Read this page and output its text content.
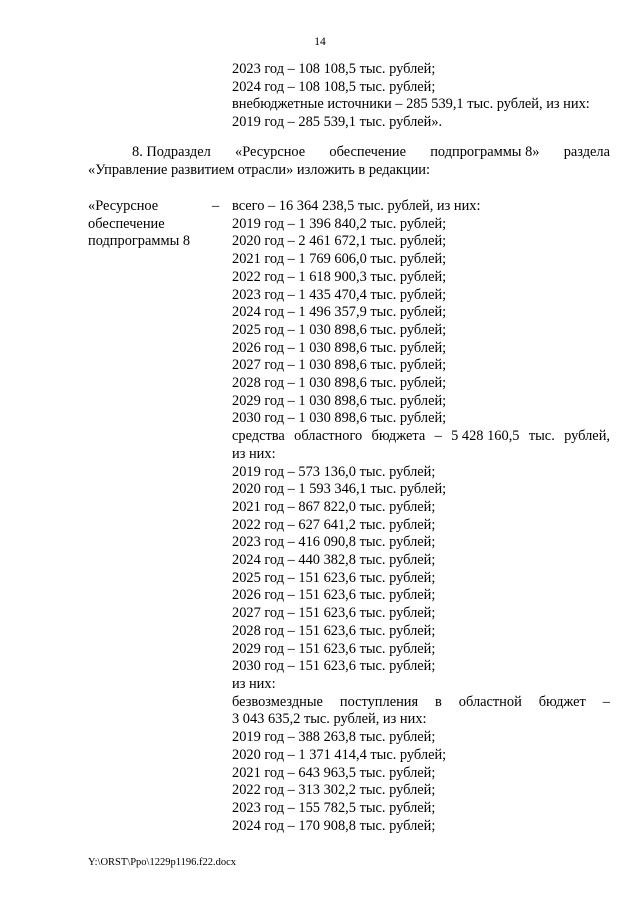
14
2023 год – 108 108,5 тыс. рублей;
2024 год – 108 108,5 тыс. рублей;
внебюджетные источники – 285 539,1 тыс. рублей, из них:
2019 год – 285 539,1 тыс. рублей».
8. Подраздел «Ресурсное обеспечение подпрограммы 8» раздела
«Управление развитием отрасли» изложить в редакции:
«Ресурсное
обеспечение
подпрограммы 8
– всего – 16 364 238,5 тыс. рублей, из них:
2019 год – 1 396 840,2 тыс. рублей;
2020 год – 2 461 672,1 тыс. рублей;
2021 год – 1 769 606,0 тыс. рублей;
2022 год – 1 618 900,3 тыс. рублей;
2023 год – 1 435 470,4 тыс. рублей;
2024 год – 1 496 357,9 тыс. рублей;
2025 год – 1 030 898,6 тыс. рублей;
2026 год – 1 030 898,6 тыс. рублей;
2027 год – 1 030 898,6 тыс. рублей;
2028 год – 1 030 898,6 тыс. рублей;
2029 год – 1 030 898,6 тыс. рублей;
2030 год – 1 030 898,6 тыс. рублей;
средства областного бюджета – 5 428 160,5 тыс. рублей,
из них:
2019 год – 573 136,0 тыс. рублей;
2020 год – 1 593 346,1 тыс. рублей;
2021 год – 867 822,0 тыс. рублей;
2022 год – 627 641,2 тыс. рублей;
2023 год – 416 090,8 тыс. рублей;
2024 год – 440 382,8 тыс. рублей;
2025 год – 151 623,6 тыс. рублей;
2026 год – 151 623,6 тыс. рублей;
2027 год – 151 623,6 тыс. рублей;
2028 год – 151 623,6 тыс. рублей;
2029 год – 151 623,6 тыс. рублей;
2030 год – 151 623,6 тыс. рублей;
из них:
безвозмездные поступления в областной бюджет –
3 043 635,2 тыс. рублей, из них:
2019 год – 388 263,8 тыс. рублей;
2020 год – 1 371 414,4 тыс. рублей;
2021 год – 643 963,5 тыс. рублей;
2022 год – 313 302,2 тыс. рублей;
2023 год – 155 782,5 тыс. рублей;
2024 год – 170 908,8 тыс. рублей;
Y:\ORST\Ppo\1229p1196.f22.docx
